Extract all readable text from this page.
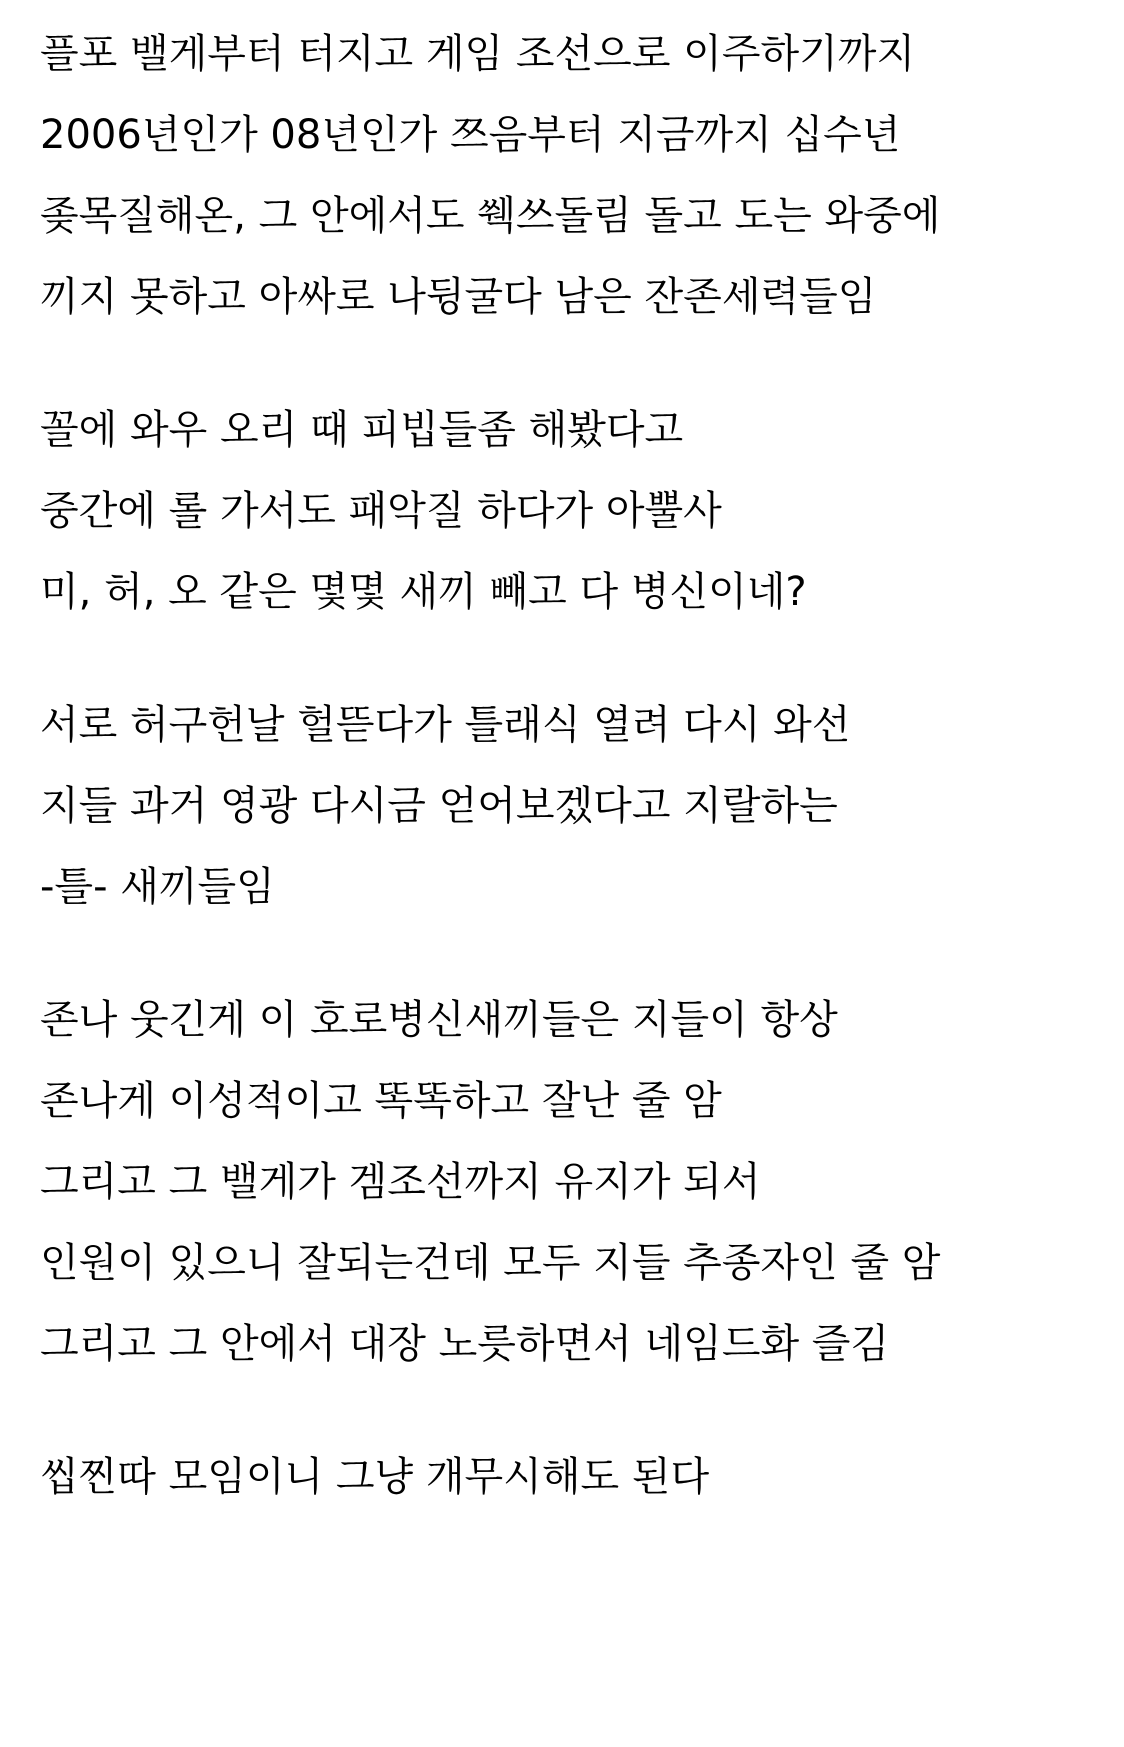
플포 밸게부터 터지고 게임 조선으로 이주하기까지
2006년인가 08년인가 쯔음부터 지금까지 십수년
좆목질해온, 그 안에서도 쒝쓰돌림 돌고 도는 와중에
끼지 못하고 아싸로 나뒹굴다 남은 잔존세력들임
꼴에 와우 오리 때 피빕들좀 해봤다고
중간에 롤 가서도 패악질 하다가 아뿔사
미, 허, 오 같은 몇몇 새끼 빼고 다 병신이네?
서로 허구헌날 헐뜯다가 틀래식 열려 다시 와선
지들 과거 영광 다시금 얻어보겠다고 지랄하는
-틀- 새끼들임
존나 웃긴게 이 호로병신새끼들은 지들이 항상
존나게 이성적이고 똑똑하고 잘난 줄 암
그리고 그 밸게가 겜조선까지 유지가 되서
인원이 있으니 잘되는건데 모두 지들 추종자인 줄 암
그리고 그 안에서 대장 노릇하면서 네임드화 즐김
씹찐따 모임이니 그냥 개무시해도 된다
